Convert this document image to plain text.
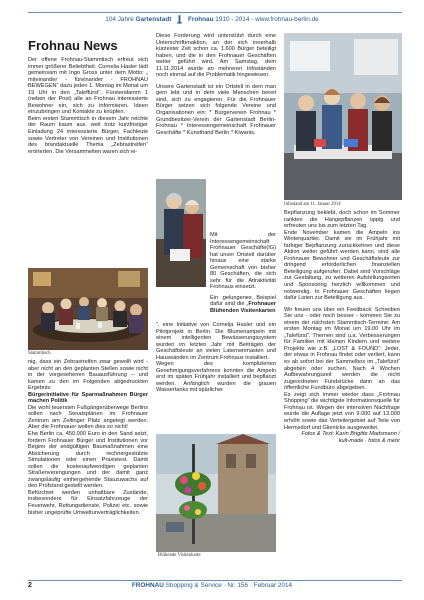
104 Jahre Gartenstadt	Frohnau 1910 - 2014 - www.frohnau-berlin.de
Frohnau News

Der offene Frohnau-Stammtisch erfreut sich immer größerer Beliebtheit. Cornelia Hasler lädt gemeinsam mit Ingo Gross unter dem Motto: „ miteinander - füreinander - FROHNAU BEWEGEN“ dazu jeden 1. Montag im Monat um 19 Uhr in den „Taleffürst“, Fürstendamm 1 (neben der Post) alle an Frohnau interessierte Bewohner ein, sich zu informieren, Ideen einzubringen und Kontakte zu knüpfen.

Beim ersten Stammtisch in diesem Jahr reichte der Raum kaum aus, weil trotz kurzfristiger Einladung 24 interessierte Bürger, Fachleute sowie Vertreter von Vereinen und Institutionen des brandaktuelle Thema „Zebrastreifen“ erörterten. Die Versammelten waren sich ei-

Stammtisch

nig, dass ein Zebrastreifen zwar gewollt wird - aber nicht an den geplanten Stellen sowie nicht in der vorgesehenen Bauausführung – und kamen zu den im Folgenden abgedruckten Ergebnis:

Bürgerinitiative für Sparmaßnahmen Bürger machen Politik

Die wohl teuersten Fußgängerüberwege Berlins sollen nach Senatsplänen im Frohnauer Zentrum am Zeltinger Platz angelegt werden. Aber die Frohnauer wollen dies so nicht!

Ehe Berlin ca. 450.000 Euro in den Sand setzt, fordern Frohnauer Bürger und Institutionen vor Beginn der endgültigen Baumaßnahmen eine Absicherung durch rechnergestützte Simulationen oder einen Praxistest. Damit sollen die kostenaufwendigen geplanten Straßenverengungen und der damit ganz zwangsläufig einhergehende Stauzuwachs auf den Prüfstand gestellt werden.

Befürchtet werden unhaltbare Zustände, insbesondere für Einsatzfahrzeuge der Feuerwehr, Rettungsdienste, Polizei etc. sowie bisher ungeprüfte Umweltunverträglichkeiten.

Diese Forderung wird unterstützt durch eine Unterschriftenaktion, an der sich innerhalb kürzester Zeit schon ca. 1.600 Bürger beteiligt haben, und die in den Frohnauer Geschäften weiter geführt wird. Am Samstag, dem 11.11.2014 wurde an mehreren Infoständen noch einmal auf die Problematik hingewiesen.

Unsere Gartenstadt ist ein Ortsteil in dem man gern lebt und in dem viele Menschen bereit sind, sich zu engagieren. Für die Frohnauer Bürger setzen sich folgende Vereine und Organisationen ein: * Bürgerverein Frohnau * Grundbesitzer-Verein der Gartenstadt Berlin-Frohnau * Interessengemeinschaft Frohnauer Geschäfte * Kunsthand Berlin * Kiwanis.

Mit der Interessengemeinschaft Frohnauer Geschäfte(IG) hat unser Ortsteil darüber hinaus eine starke Gemeinschaft von bisher 80 Geschäften, die sich sehr für die Attraktivität Frohnaus einsetzt.

Ein gelungenes Beispiel dafür sind die „Frohnauer Blühenden Visitenkarten

“, eine Initiative von Cornelja Hasler und ein Pilotprojekt in Berlin. Die Blumenampeln mit einem intelligenten Bewässerungssystem wurden im letzten Jahr mit Beiträgen der Geschäftsleute an vielen Laternenmasten und Hauswänden im Zentrum Frohnaus installiert.

Wegen des komplizierten Genehmigungsverfahrens konnten die Ampeln erst im späten Frühjahr installiert und bepflanzt werden. Anfänglich wurden die grauen Wassertanks mit spärlicher

Blühende Visitenkarte
Infostand am 11. Januar 2014

Bepflanzung beklebt, doch schon im Sommer rankten die Hängepflanzen üppig und erfreuten uns bis zum letzten Tag.

Ende November kamen die Ampeln ins Winterquartier. Damit sie im Frühjahr mit farbiger Bepflanzung zurückkehren und diese Aktion weiter geführt werden kann, sind alle Frohnauer Bewohner und Geschäftsleute zur dringend erforderlichen finanziellen Beteiligung aufgerufen. Dabei sind Vorschläge zur Gestaltung, zu weiteren Aufstellungsorten und Sponsoring herzlich willkommen und notwendig. In Frohnauer Geschäften liegen dafür Listen zur Beteiligung aus.

Wir freuen uns über ein Feedback: Schreiben Sie uns - oder noch besser - kommen Sie zu einem der nächsten Stammtisch-Termine: Am ersten Montag im Monat um 19.00 Uhr im „Talefürst“. Themen sind u.a. Verbesserungen für Familien mit kleinen Kindern und weitere Projekte wie z.B. „LOST & FOUND“: Jeder, der etwas in Frohnau findet oder verliert, kann es ab sofort bei der Sammelbox im „Talefürst“ abgeben oder suchen. Nach 4 Wochen Aufbewahrungszeit werden die nicht zugeordneten Fundstücke dann an das öffentliche Fundbüro abgegeben.

Es zeigt sich immer wieder dass „Frohnau Shopping“ die wichtigste Informationsquelle für Frohnau ist. Wegen der intensiven Nachfrage wurde die Auflage jetzt von 9.000 auf 13.000 erhöht sowie das Verteilergebiet auf Teile von Hermsdorf und Glienicke ausgeweitet.

Fotos & Text: Karin Brigitte Madsmann /

kult-made · fotos & mehr

2	FROHNAU Shopping & Service · Nr. 156 · Februar 2014
